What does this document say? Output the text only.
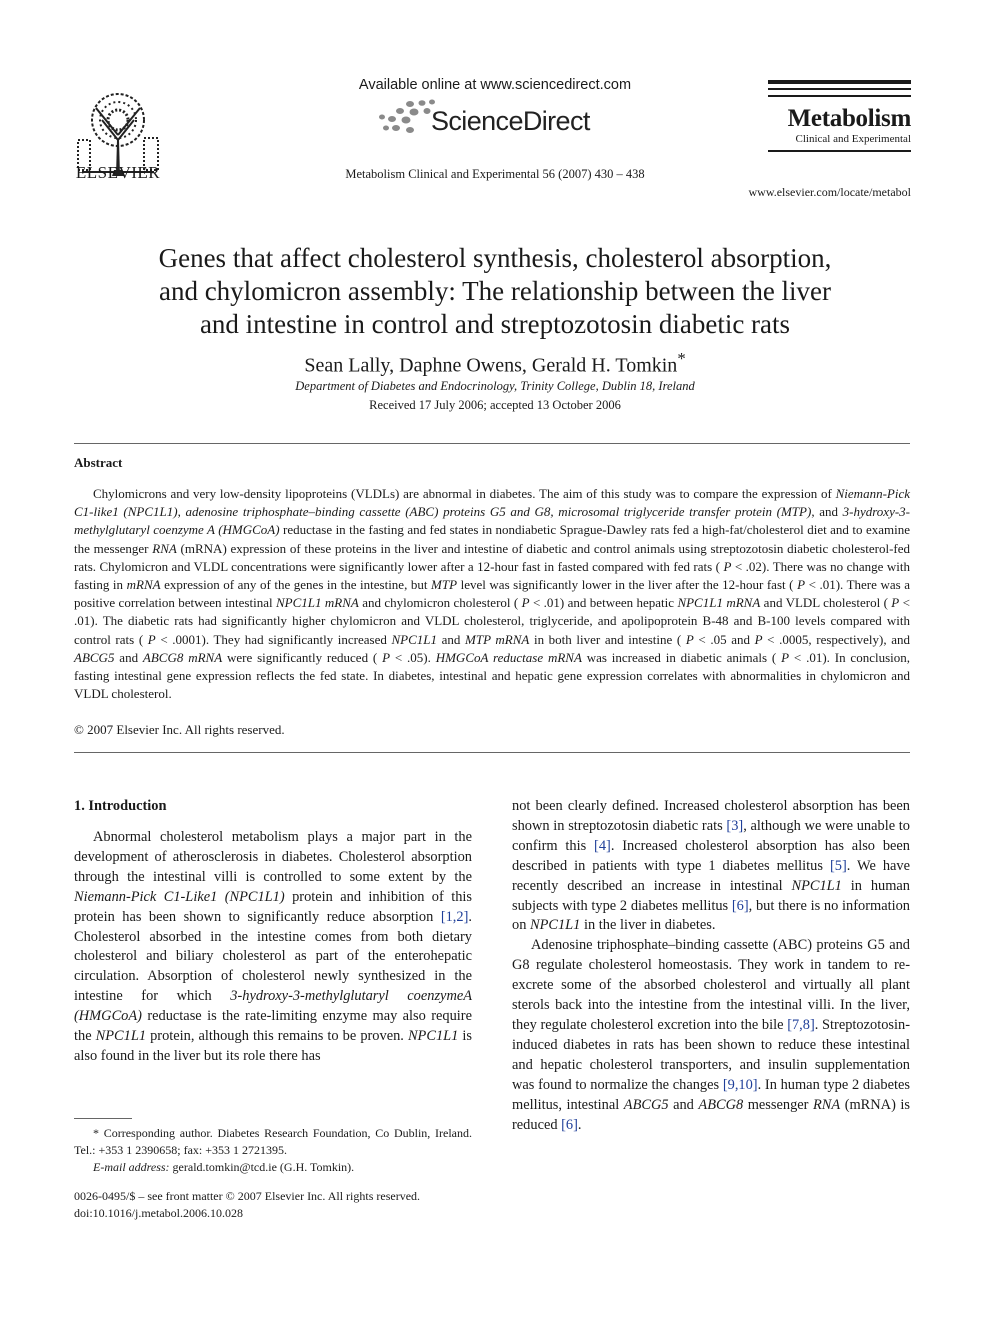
ELSEVIER
Available online at www.sciencedirect.com
ScienceDirect
Metabolism Clinical and Experimental 56 (2007) 430 – 438
Metabolism
Clinical and Experimental
www.elsevier.com/locate/metabol
Genes that affect cholesterol synthesis, cholesterol absorption,
and chylomicron assembly: The relationship between the liver
and intestine in control and streptozotosin diabetic rats
Sean Lally, Daphne Owens, Gerald H. Tomkin*
Department of Diabetes and Endocrinology, Trinity College, Dublin 18, Ireland
Received 17 July 2006; accepted 13 October 2006
Abstract

Chylomicrons and very low-density lipoproteins (VLDLs) are abnormal in diabetes. The aim of this study was to compare the expression of Niemann-Pick C1-like1 (NPC1L1), adenosine triphosphate–binding cassette (ABC) proteins G5 and G8, microsomal triglyceride transfer protein (MTP), and 3-hydroxy-3-methylglutaryl coenzyme A (HMGCoA) reductase in the fasting and fed states in nondiabetic Sprague-Dawley rats fed a high-fat/cholesterol diet and to examine the messenger RNA (mRNA) expression of these proteins in the liver and intestine of diabetic and control animals using streptozotosin diabetic cholesterol-fed rats. Chylomicron and VLDL concentrations were significantly lower after a 12-hour fast in fasted compared with fed rats ( P < .02). There was no change with fasting in mRNA expression of any of the genes in the intestine, but MTP level was significantly lower in the liver after the 12-hour fast ( P < .01). There was a positive correlation between intestinal NPC1L1 mRNA and chylomicron cholesterol ( P < .01) and between hepatic NPC1L1 mRNA and VLDL cholesterol ( P < .01). The diabetic rats had significantly higher chylomicron and VLDL cholesterol, triglyceride, and apolipoprotein B-48 and B-100 levels compared with control rats ( P < .0001). They had significantly increased NPC1L1 and MTP mRNA in both liver and intestine ( P < .05 and P < .0005, respectively), and ABCG5 and ABCG8 mRNA were significantly reduced ( P < .05). HMGCoA reductase mRNA was increased in diabetic animals ( P < .01). In conclusion, fasting intestinal gene expression reflects the fed state. In diabetes, intestinal and hepatic gene expression correlates with abnormalities in chylomicron and VLDL cholesterol.

© 2007 Elsevier Inc. All rights reserved.
1. Introduction

Abnormal cholesterol metabolism plays a major part in the development of atherosclerosis in diabetes. Cholesterol absorption through the intestinal villi is controlled to some extent by the Niemann-Pick C1-Like1 (NPC1L1) protein and inhibition of this protein has been shown to significantly reduce absorption [1,2]. Cholesterol absorbed in the intestine comes from both dietary cholesterol and biliary cholesterol as part of the enterohepatic circulation. Absorption of cholesterol newly synthesized in the intestine for which 3-hydroxy-3-methylglutaryl coenzymeA (HMGCoA) reductase is the rate-limiting enzyme may also require the NPC1L1 protein, although this remains to be proven. NPC1L1 is also found in the liver but its role there has

not been clearly defined. Increased cholesterol absorption has been shown in streptozotosin diabetic rats [3], although we were unable to confirm this [4]. Increased cholesterol absorption has also been described in patients with type 1 diabetes mellitus [5]. We have recently described an increase in intestinal NPC1L1 in human subjects with type 2 diabetes mellitus [6], but there is no information on NPC1L1 in the liver in diabetes.

Adenosine triphosphate–binding cassette (ABC) proteins G5 and G8 regulate cholesterol homeostasis. They work in tandem to re-excrete some of the absorbed cholesterol and virtually all plant sterols back into the intestine from the intestinal villi. In the liver, they regulate cholesterol excretion into the bile [7,8]. Streptozotosin-induced diabetes in rats has been shown to reduce these intestinal and hepatic cholesterol transporters, and insulin supplementation was found to normalize the changes [9,10]. In human type 2 diabetes mellitus, intestinal ABCG5 and ABCG8 messenger RNA (mRNA) is reduced [6].

* Corresponding author. Diabetes Research Foundation, Co Dublin, Ireland. Tel.: +353 1 2390658; fax: +353 1 2721395.

E-mail address: gerald.tomkin@tcd.ie (G.H. Tomkin).

0026-0495/$ – see front matter © 2007 Elsevier Inc. All rights reserved.
doi:10.1016/j.metabol.2006.10.028
